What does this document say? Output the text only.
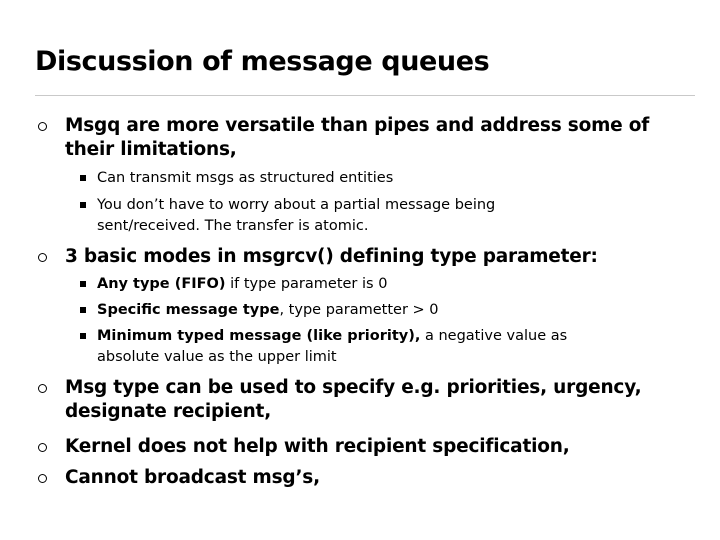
Discussion of message queues
Msgq are more versatile than pipes and address some of their limitations,
Can transmit msgs as structured entities
You don’t have to worry about a partial message being sent/received. The transfer is atomic.
3 basic modes in msgrcv() defining type parameter:
Any type (FIFO) if type parameter is 0
Specific message type, type parametter > 0
Minimum typed message (like priority), a negative value as absolute value as the upper limit
Msg type can be used to specify e.g. priorities, urgency, designate recipient,
Kernel does not help with recipient specification,
Cannot broadcast msg’s,
